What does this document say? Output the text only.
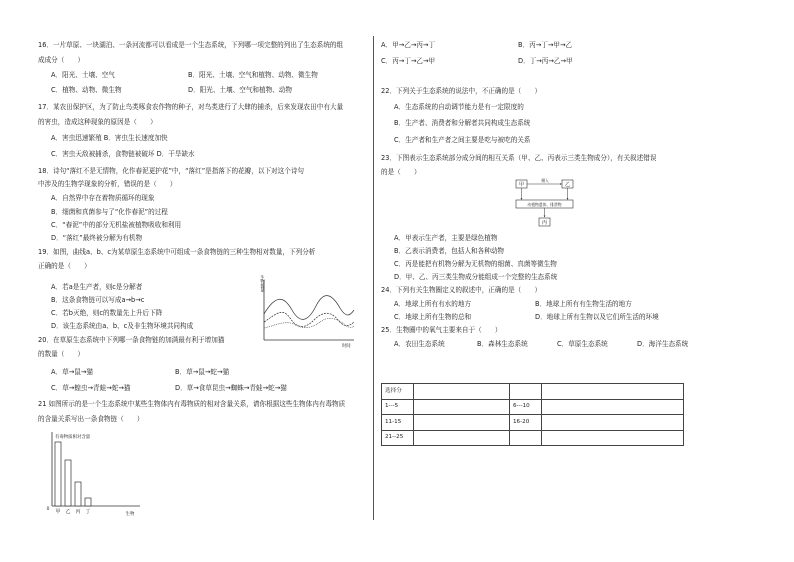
16．一片草原、一块湖泊、一条河流都可以看成是一个生态系统，下列哪一项完整的列出了生态系统的组
成成分（　　）
A．阳光、土壤、空气	B．阳光、土壤、空气和植物、动物、微生物
C．植物、动物、微生物	D．阳光、土壤、空气和植物、动物
17．某农田保护区，为了防止鸟类啄食农作物的种子，对鸟类进行了大肆的捕杀，后来发现农田中有大量
的害虫，造成这种现象的原因是（　　）
A．害虫迅速繁殖 B．害虫生长速度加快
C．害虫天敌被捕杀，食物链被破坏 D．干旱缺水
18．诗句“落红不是无情物，化作春泥更护花”中，“落红”是指落下的花瓣，以下对这个诗句
中涉及的生物学现象的分析，错误的是（　　）
A．自然界中存在着物质循环的现象
B．细菌和真菌参与了“化作春泥”的过程
C．“春泥”中的部分无机盐被植物吸收和利用
D．“落红”最终被分解为有机物
19．如图，曲线a、b、c为某草原生态系统中可组成一条食物链的三种生物相对数量，下列分析
正确的是（　　）
A．若a是生产者，则c是分解者
B．这条食物链可以写成a→b→c
C．若b灭绝，则c的数量先上升后下降
D．该生态系统由a、b、c及非生物环境共同构成
生物数量
时间
20．在草原生态系统中下列哪一条食物链的加满最有利于增加猫
的数量（　　）
A．草→鼠→猫	B．草→鼠→蛇→猫
C．草→蝗虫→青蛙→蛇→猫	D．草→食草昆虫→蜘蛛→青蛙→蛇→猫
21 如图所示的是一个生态系统中某些生物体内有毒物质的相对含量关系，请你根据这些生物体内有毒物质
的含量关系写出一条食物链（　　）
有毒物质相对含量
0
生物
甲 乙 丙 丁
A．甲→乙→丙→丁	B．丙→丁→甲→乙
C．丙→丁→乙→甲	D．丁→丙→乙→甲
22．下列关于生态系统的说法中，不正确的是（　　）
A．生态系统的自动调节能力是有一定限度的
B．生产者、消费者和分解者共同构成生态系统
C．生产者和生产者之间主要是吃与被吃的关系
23．下图表示生态系统部分成分间的相互关系（甲、乙、丙表示三类生物成分），有关叙述错误
的是（　　）
甲	乙
摄入
动植物遗体、排泄物
丙
A．甲表示生产者，主要是绿色植物
B．乙表示消费者，包括人和各种动物
C．丙是能把有机物分解为无机物的细菌、真菌等微生物
D．甲、乙、丙三类生物成分能组成一个完整的生态系统
24．下列有关生物圈定义的叙述中，正确的是（　　）
A．地球上所有有水的地方	B．地球上所有有生物生活的地方
C．地球上所有生物的总和	D．地球上所有生物以及它们所生活的环境
25．生物圈中的氧气主要来自于（　　）
A．农田生态系统	B．森林生态系统	C．草原生态系统	D．海洋生态系统
选择分			
1---5		6---10	
11-15		16-20	
21--25			
